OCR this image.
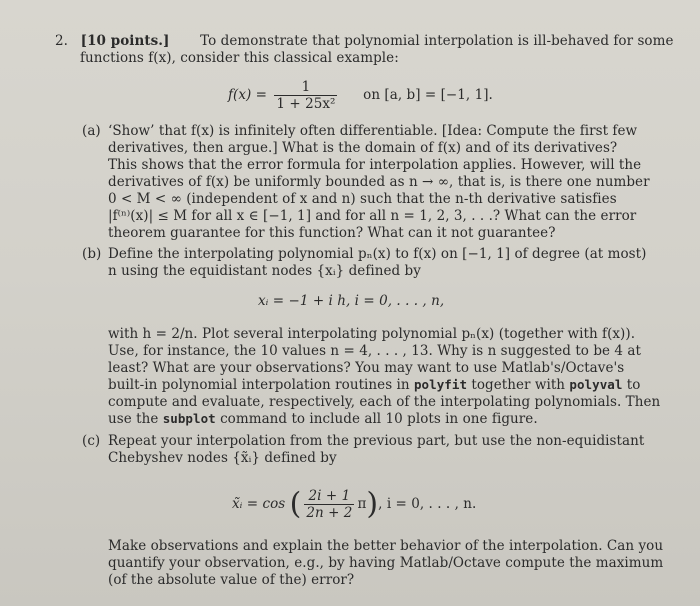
2. [10 points.] To demonstrate that polynomial interpolation is ill-behaved for some
functions f(x), consider this classical example:
$f(x) = \frac{1}{\text{1 + 25x²}}$ on [a, b] = [−1, 1].
(a) ‘Show’ that f(x) is infinitely often differentiable. [Idea: Compute the first few
derivatives, then argue.] What is the domain of f(x) and of its derivatives?
This shows that the error formula for interpolation applies. However, will the
derivatives of f(x) be uniformly bounded as n → ∞, that is, is there one number
0 < M < ∞ (independent of x and n) such that the n-th derivative satisfies
|f⁽ⁿ⁾(x)| ≤ M for all x ∈ [−1, 1] and for all n = 1, 2, 3, . . .? What can the error
theorem guarantee for this function? What can it not guarantee?
(b) Define the interpolating polynomial pₙ(x) to f(x) on [−1, 1] of degree (at most)
n using the equidistant nodes {xᵢ} defined by
xᵢ = −1 + i h, i = 0, . . . , n,
with h = 2/n. Plot several interpolating polynomial pₙ(x) (together with f(x)).
Use, for instance, the 10 values n = 4, . . . , 13. Why is n suggested to be 4 at
least? What are your observations? You may want to use Matlab's/Octave's
built-in polynomial interpolation routines in polyfit together with polyval to
compute and evaluate, respectively, each of the interpolating polynomials. Then
use the subplot command to include all 10 plots in one figure.
(c) Repeat your interpolation from the previous part, but use the non-equidistant
Chebyshev nodes {x̃ᵢ} defined by
x̃ᵢ = cos ( $\frac{2i + 1}{2n + 2} \pi$), i = 0, . . . , n.
Make observations and explain the better behavior of the interpolation. Can you
quantify your observation, e.g., by having Matlab/Octave compute the maximum
(of the absolute value of the) error?
